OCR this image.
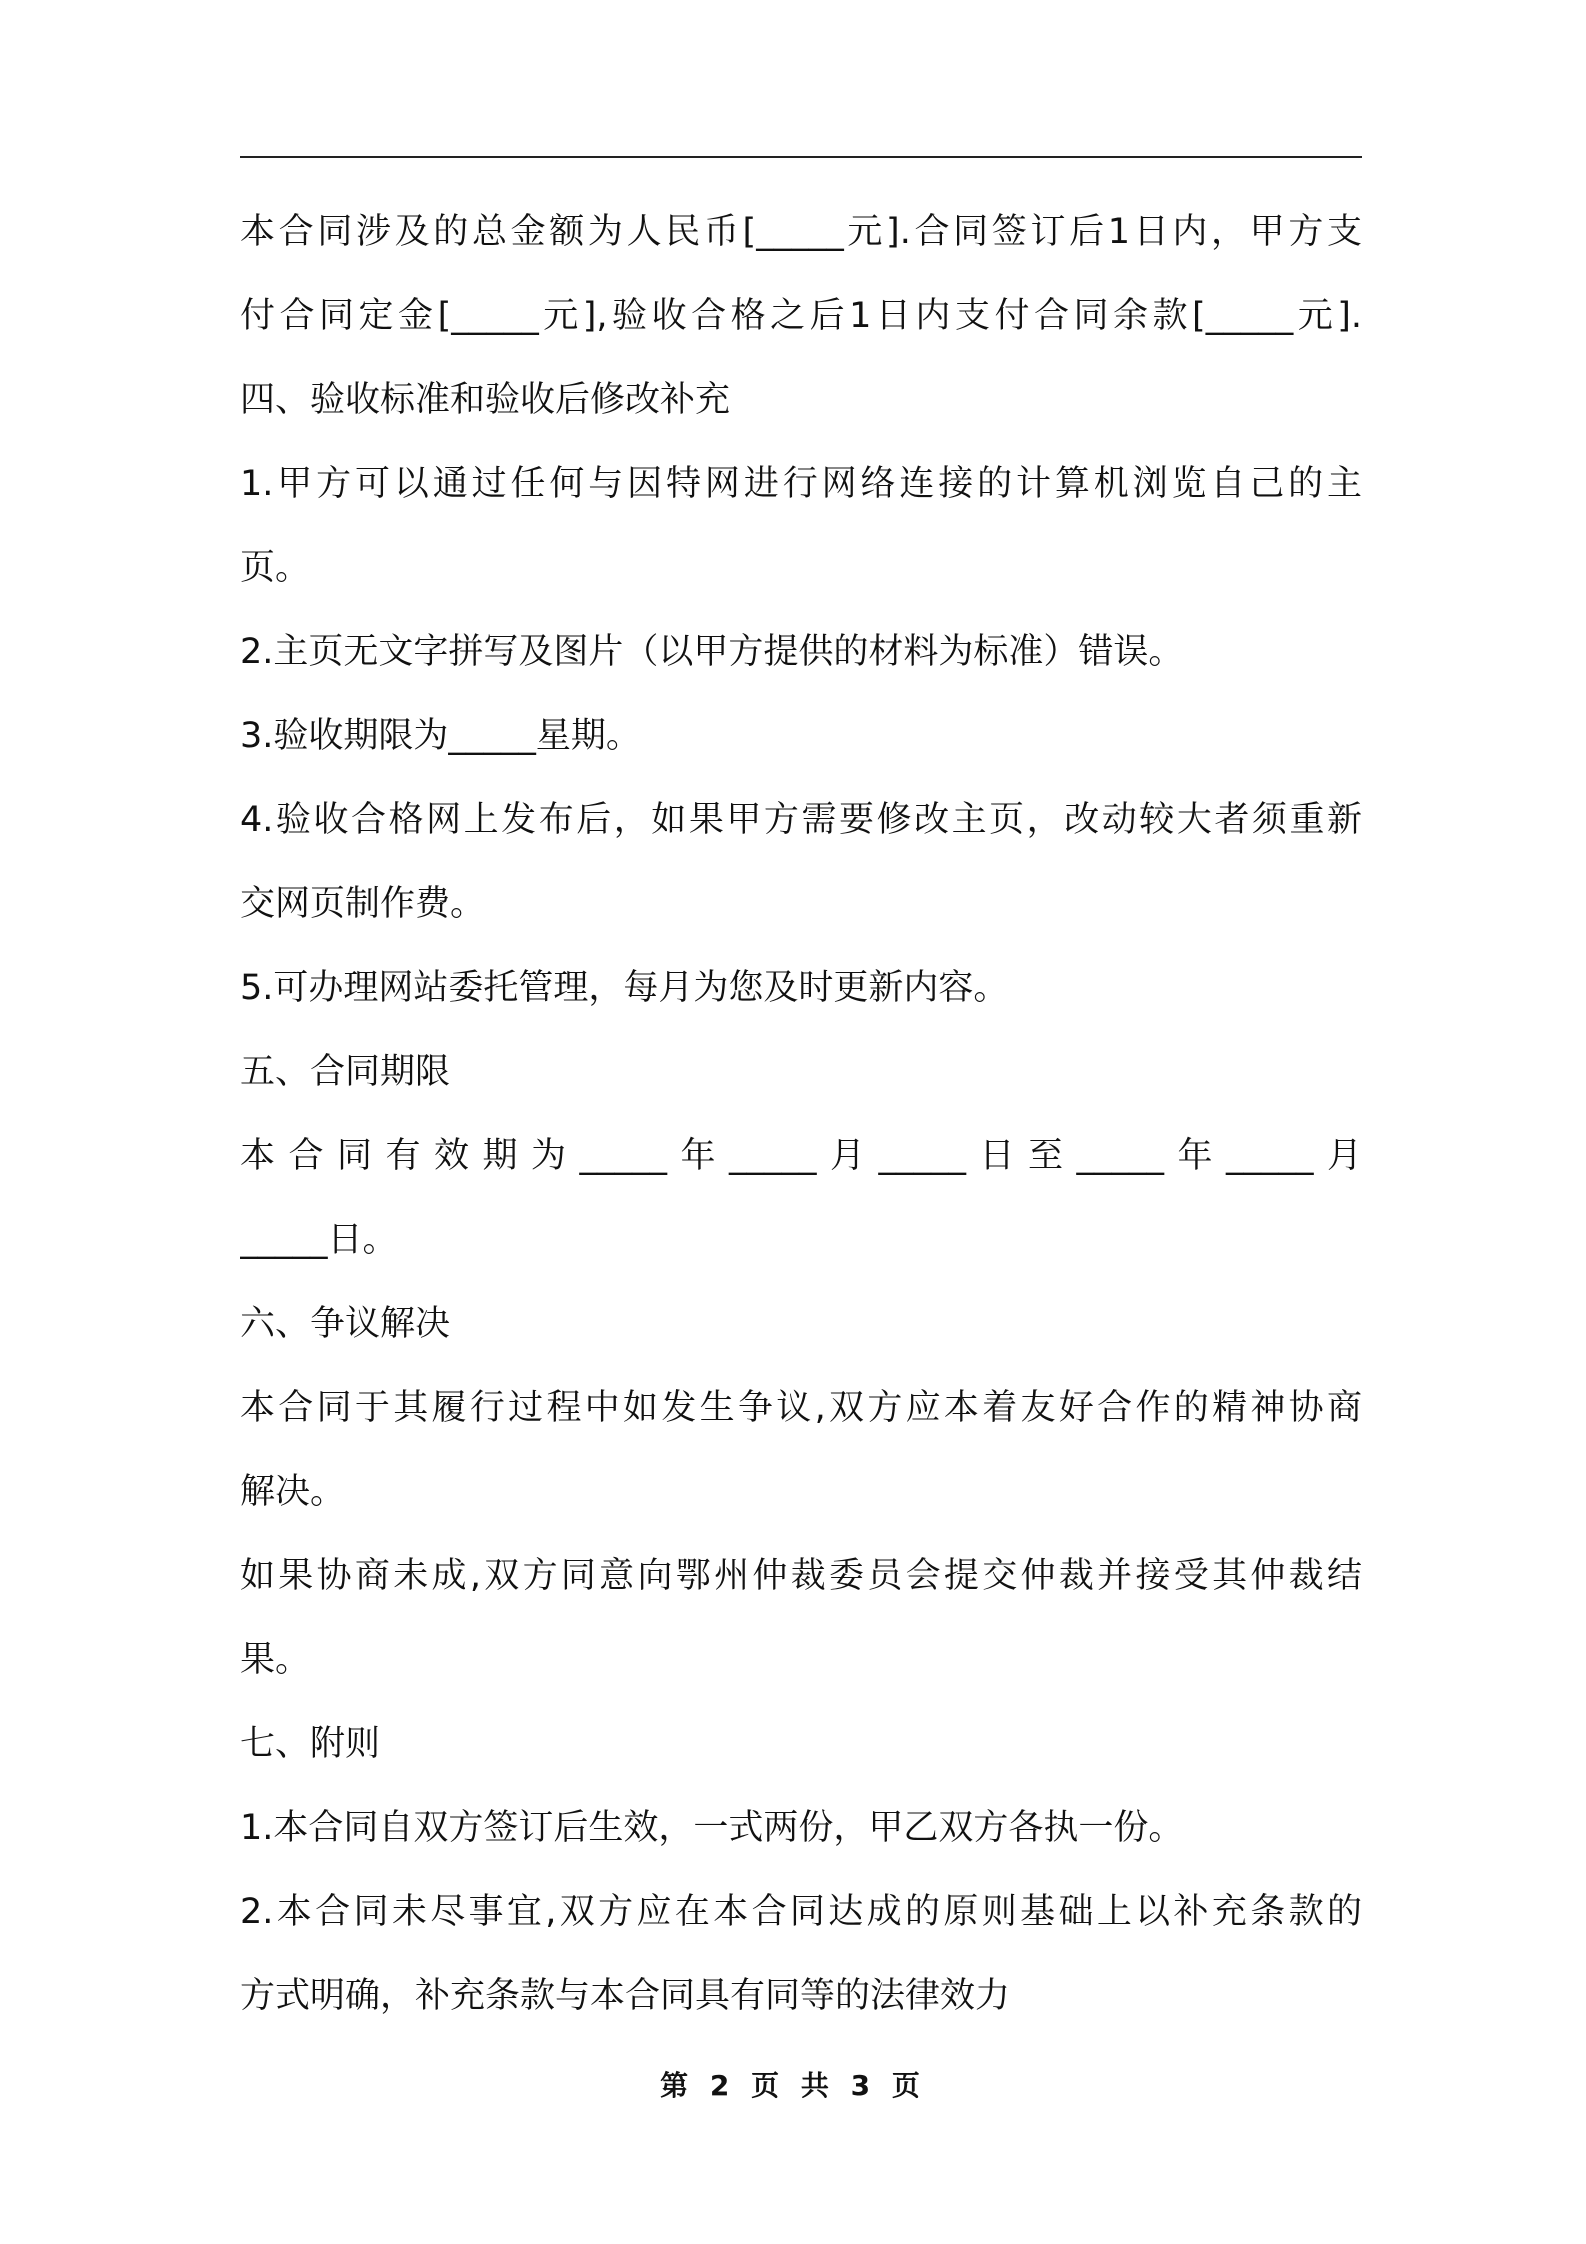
本​合​同​涉​及​的​总​金​额​为​人​民​币​[​_​_​_​_​_​元​]​.​合​同​签​订​后​1​日​内​，​甲​方​支
付​合​同​定​金​[​_​_​_​_​_​元​]​,​验​收​合​格​之​后​1​日​内​支​付​合​同​余​款​[​_​_​_​_​_​元​]​.
四、验收标准和验收后修改补充
1​.​甲​方​可​以​通​过​任​何​与​因​特​网​进​行​网​络​连​接​的​计​算​机​浏​览​自​己​的​主
页。
2.主页无文字拼写及图片（以甲方提供的材料为标准）错误。
3.验收期限为_____星期。
4​.​验​收​合​格​网​上​发​布​后​，​如​果​甲​方​需​要​修​改​主​页​，​改​动​较​大​者​须​重​新
交网页制作费。
5.可办理网站委托管理，每月为您及时更新内容。
五、合同期限
本​合​同​有​效​期​为​_​_​_​_​_​年​_​_​_​_​_​月​_​_​_​_​_​日​至​_​_​_​_​_​年​_​_​_​_​_​月
_____日。
六、争议解决
本​合​同​于​其​履​行​过​程​中​如​发​生​争​议​,​双​方​应​本​着​友​好​合​作​的​精​神​协​商
解决。
如​果​协​商​未​成​,​双​方​同​意​向​鄂​州​仲​裁​委​员​会​提​交​仲​裁​并​接​受​其​仲​裁​结
果。
七、附则
1.本合同自双方签订后生效，一式两份，甲乙双方各执一份。
2​.​本​合​同​未​尽​事​宜​,​双​方​应​在​本​合​同​达​成​的​原​则​基​础​上​以​补​充​条​款​的
方式明确，补充条款与本合同具有同等的法律效力
第 2 页 共 3 页
